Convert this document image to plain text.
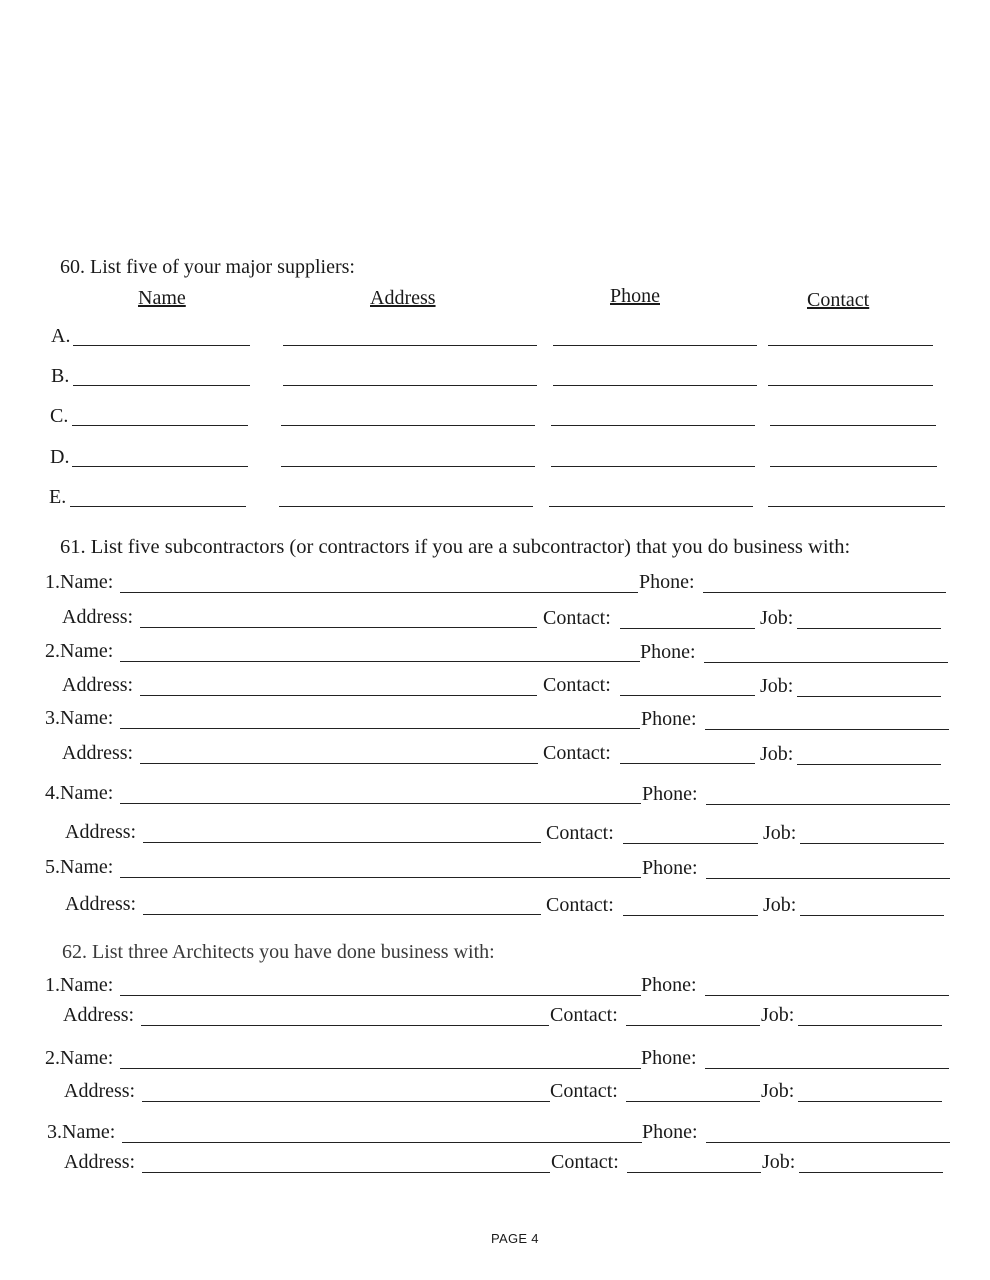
60. List five of your major suppliers:
Name	Address	Phone	Contact
A.
B.
C.
D.
E.
61. List five subcontractors (or contractors if you are a subcontractor) that you do business with:
1.Name:	Phone:
Address:	Contact:	Job:
2.Name:	Phone:
Address:	Contact:	Job:
3.Name:	Phone:
Address:	Contact:	Job:
4.Name:	Phone:
Address:	Contact:	Job:
5.Name:	Phone:
Address:	Contact:	Job:
62. List three Architects you have done business with:
1.Name:	Phone:
Address:	Contact:	Job:
2.Name:	Phone:
Address:	Contact:	Job:
3.Name:	Phone:
Address:	Contact:	Job:
PAGE 4
